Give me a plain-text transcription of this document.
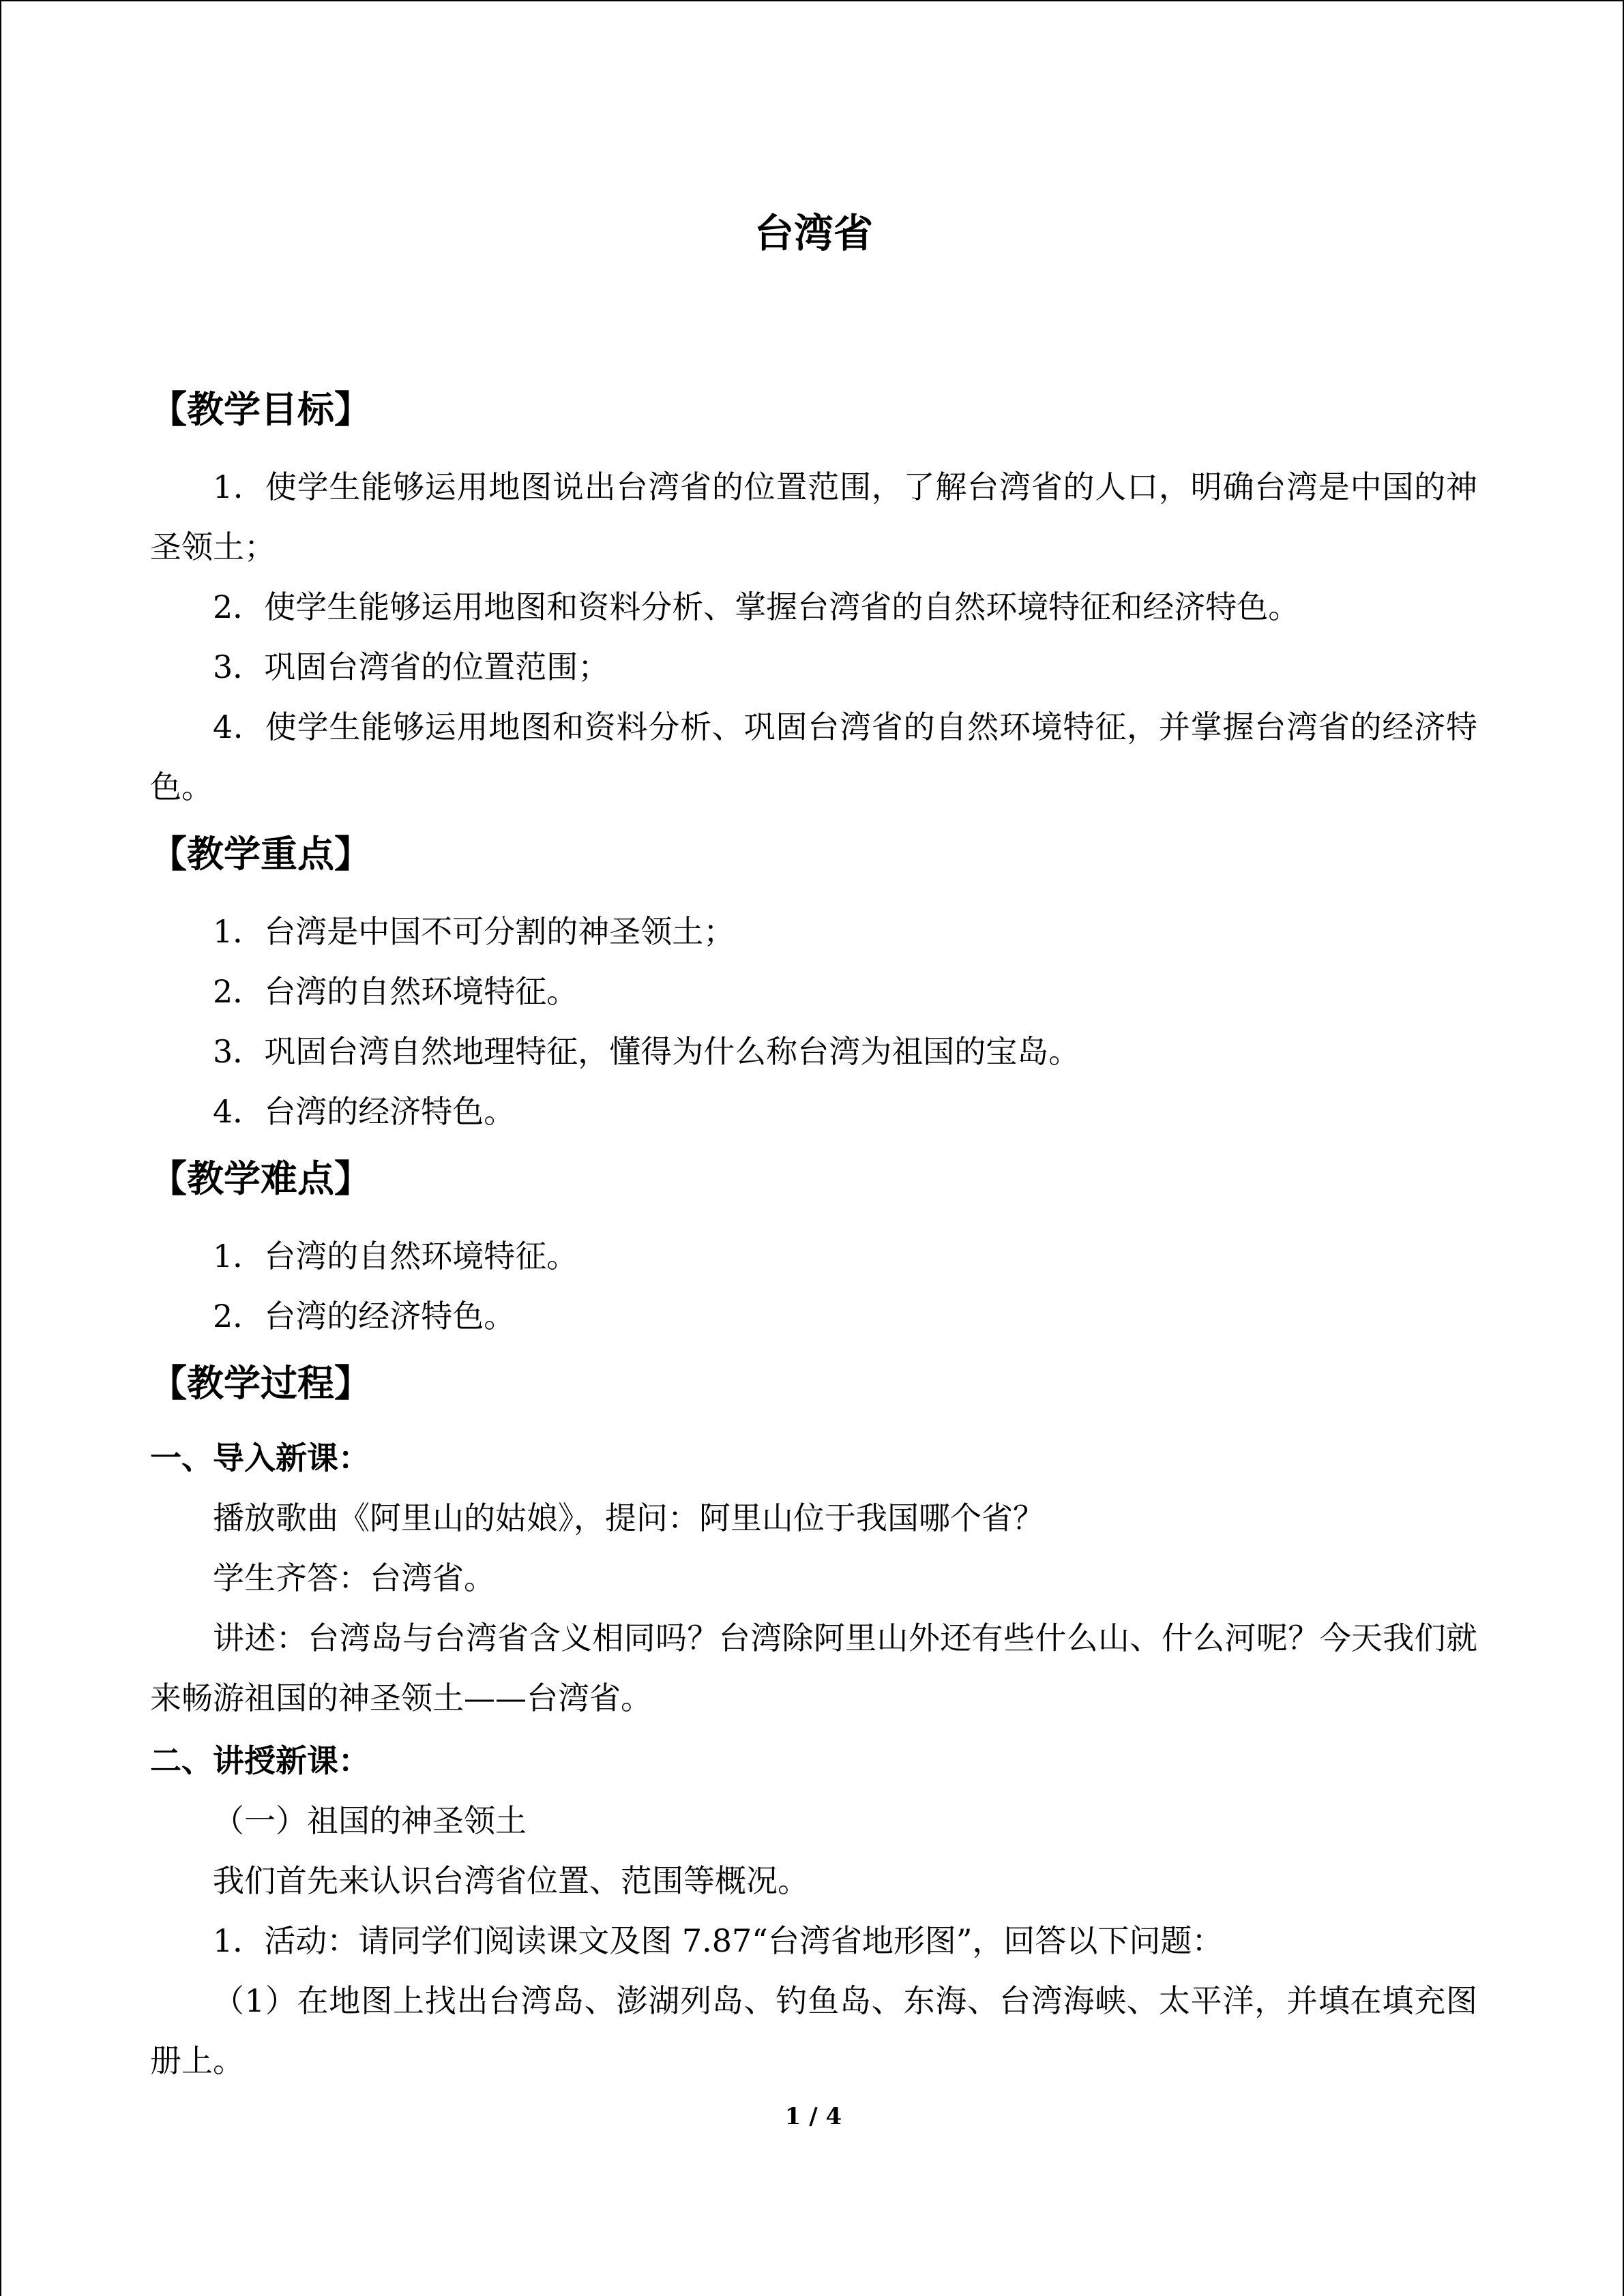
台湾省
【教学目标】

1．使学生能够运用地图说出台湾省的位置范围，了解台湾省的人口，明确台湾是中国的神圣领土；

2．使学生能够运用地图和资料分析、掌握台湾省的自然环境特征和经济特色。

3．巩固台湾省的位置范围；

4．使学生能够运用地图和资料分析、巩固台湾省的自然环境特征，并掌握台湾省的经济特色。

【教学重点】

1．台湾是中国不可分割的神圣领土；

2．台湾的自然环境特征。

3．巩固台湾自然地理特征，懂得为什么称台湾为祖国的宝岛。

4．台湾的经济特色。

【教学难点】

1．台湾的自然环境特征。

2．台湾的经济特色。

【教学过程】
一、导入新课：

播放歌曲《阿里山的姑娘》，提问：阿里山位于我国哪个省？

学生齐答：台湾省。

讲述：台湾岛与台湾省含义相同吗？台湾除阿里山外还有些什么山、什么河呢？今天我们就来畅游祖国的神圣领土——台湾省。

二、讲授新课：

（一）祖国的神圣领土

我们首先来认识台湾省位置、范围等概况。

1．活动：请同学们阅读课文及图 7.87“台湾省地形图”，回答以下问题：

（1）在地图上找出台湾岛、澎湖列岛、钓鱼岛、东海、台湾海峡、太平洋，并填在填充图册上。

1 / 4
